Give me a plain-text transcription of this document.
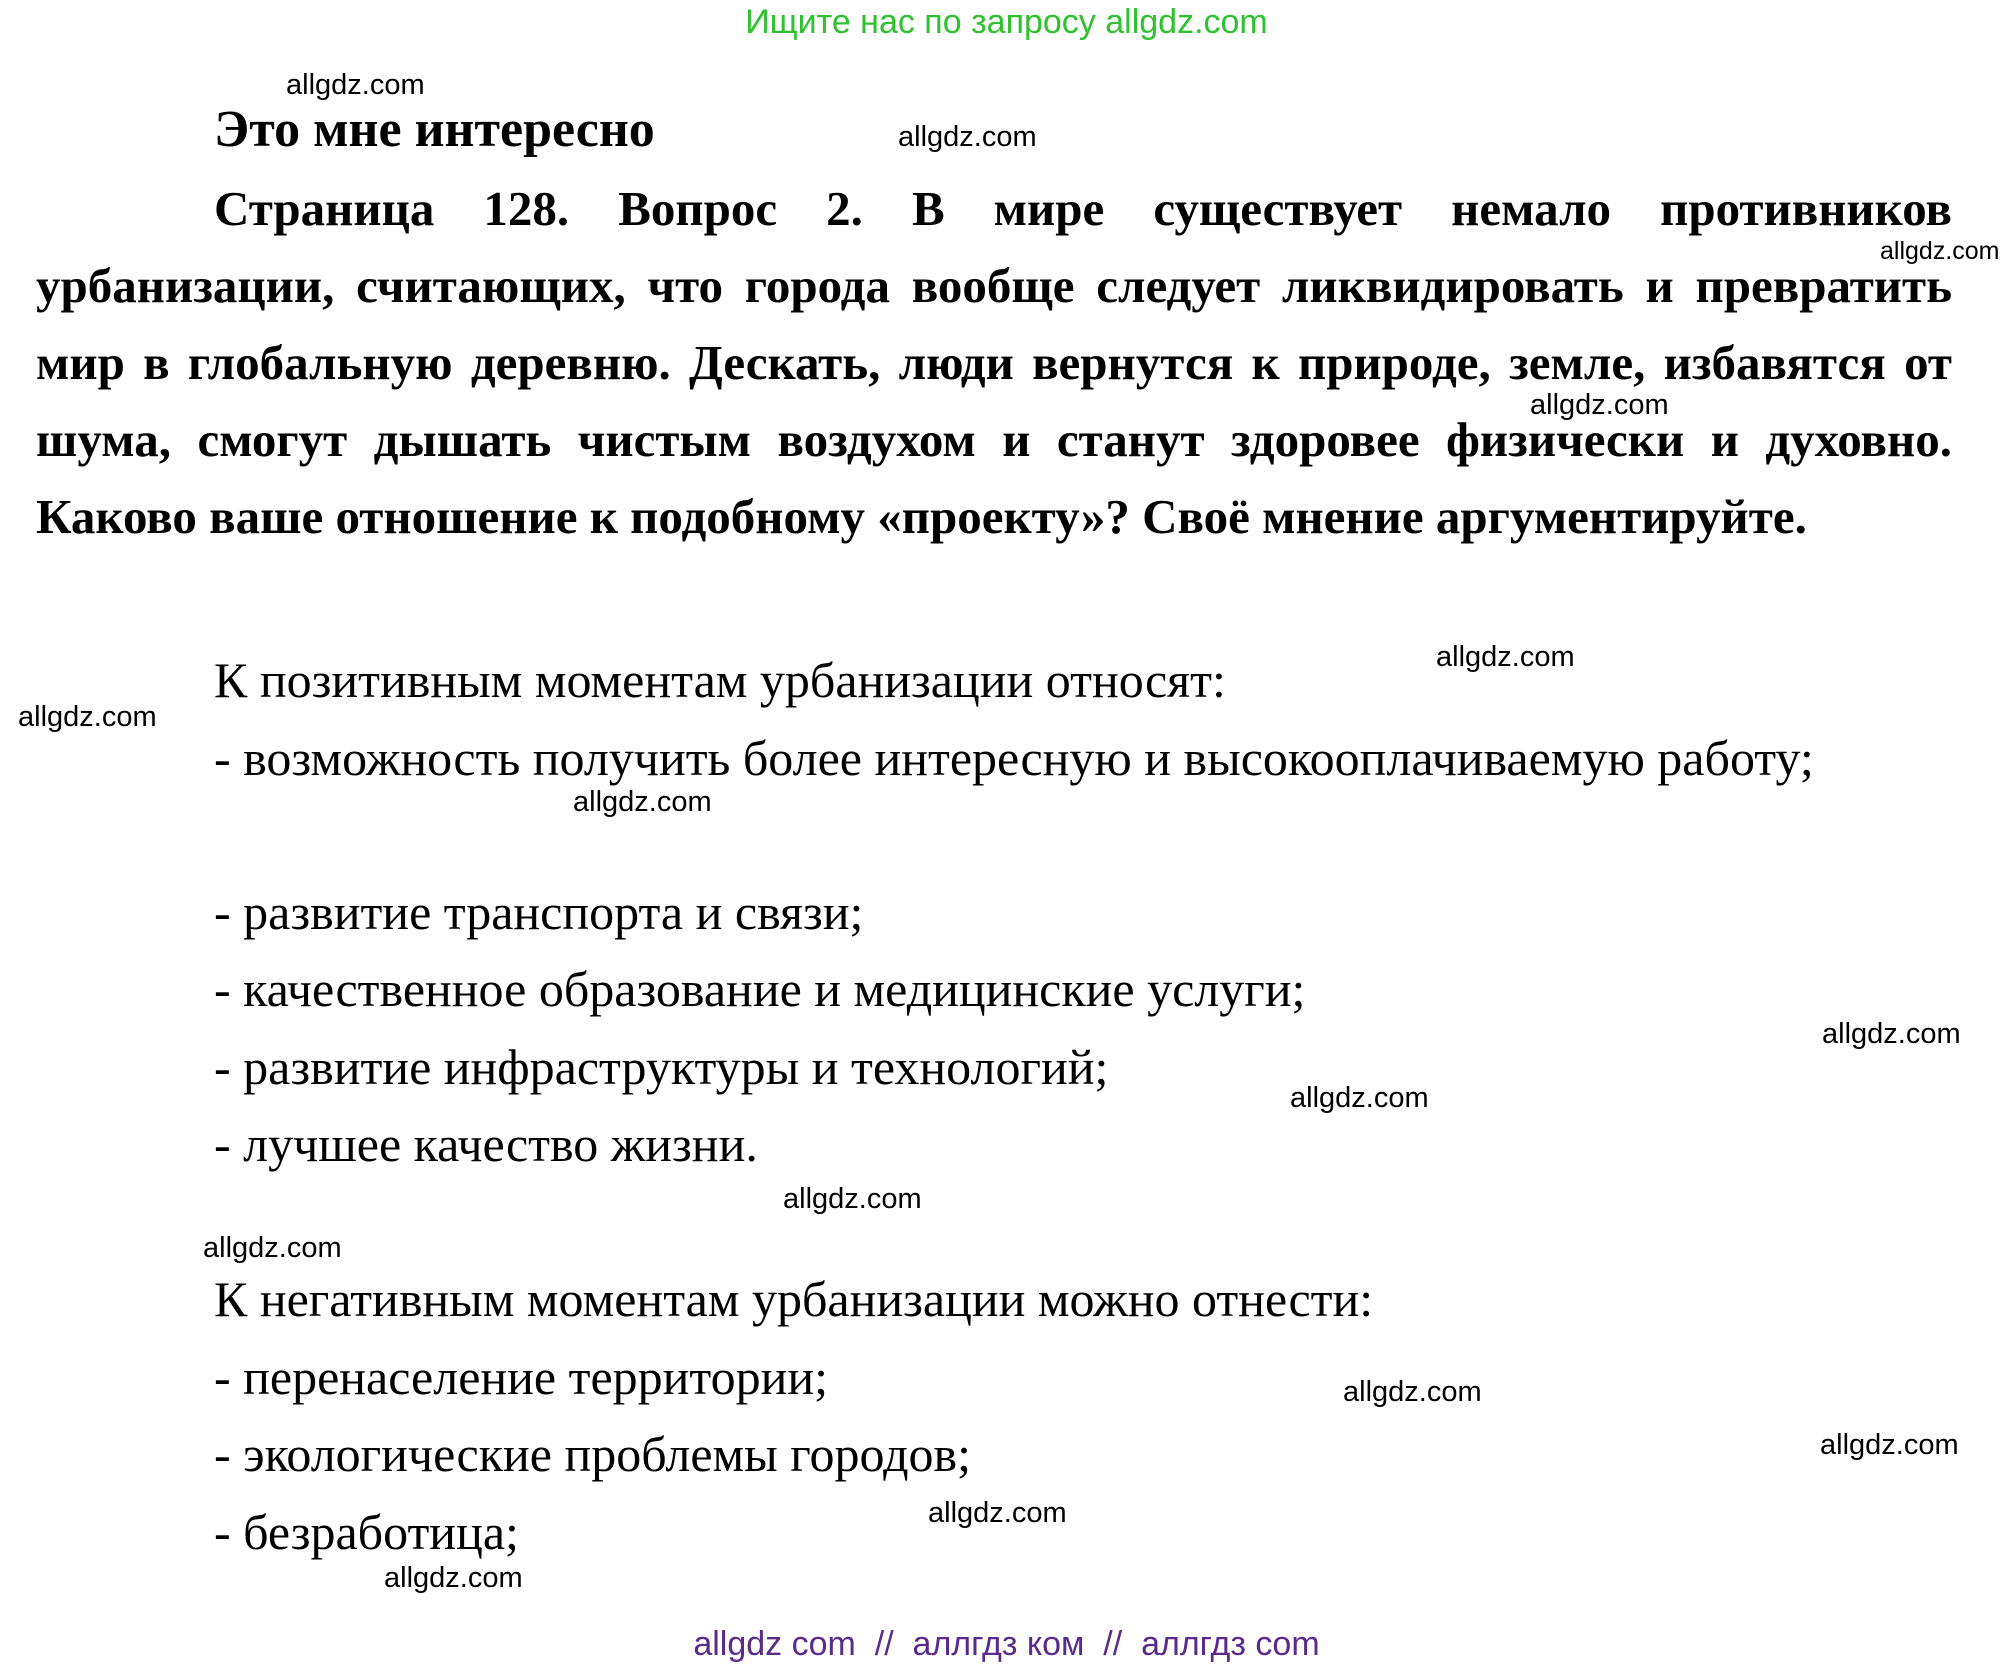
Ищите нас по запросу allgdz.com
Это мне интересно
Страница 128. Вопрос 2. В мире существует немало противников урбанизации, считающих, что города вообще следует ликвидировать и превратить мир в глобальную деревню. Дескать, люди вернутся к природе, земле, избавятся от шума, смогут дышать чистым воздухом и станут здоровее физически и духовно. Каково ваше отношение к подобному «проекту»? Своё мнение аргументируйте.
К позитивным моментам урбанизации относят:
- возможность получить более интересную и высокооплачиваемую работу;
- развитие транспорта и связи;
- качественное образование и медицинские услуги;
- развитие инфраструктуры и технологий;
- лучшее качество жизни.
К негативным моментам урбанизации можно отнести:
- перенаселение территории;
- экологические проблемы городов;
- безработица;
allgdz.com
allgdz.com
allgdz.com
allgdz.com
allgdz.com
allgdz.com
allgdz.com
allgdz.com
allgdz.com
allgdz.com
allgdz.com
allgdz.com
allgdz.com
allgdz.com
allgdz.com
allgdz com  //  аллгдз ком  //  аллгдз com
